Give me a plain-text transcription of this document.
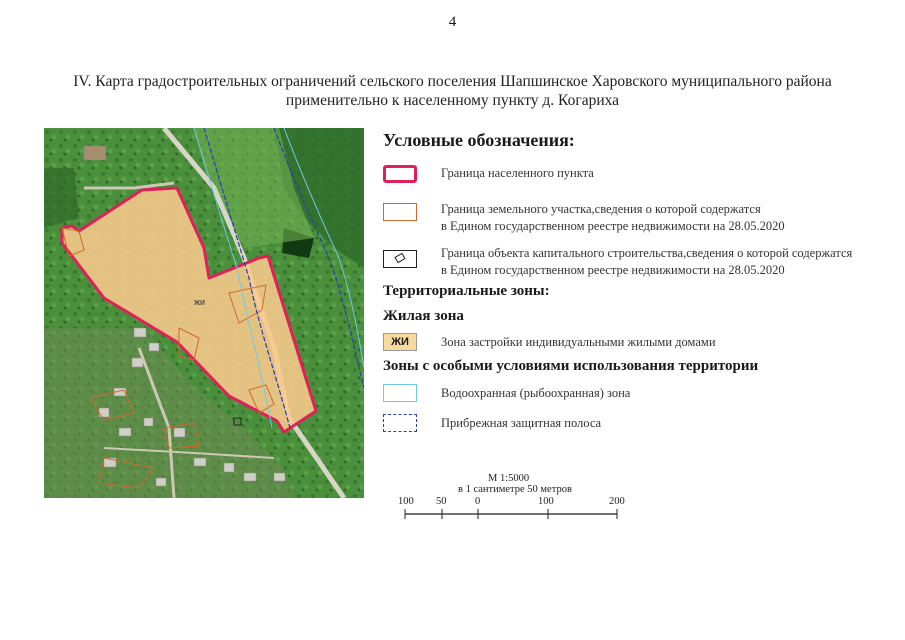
4
IV. Карта градостроительных ограничений сельского поселения Шапшинское Харовского муниципального района
применительно к населенному пункту д. Когариха
жи
Условные обозначения:
Граница населенного пункта
Граница земельного участка,сведения о которой содержатся
в Едином государственном реестре недвижимости на 28.05.2020
Граница объекта капитального строительства,сведения о которой содержатся
в Едином государственном реестре недвижимости на 28.05.2020
Территориальные зоны:
Жилая зона
ЖИ	Зона застройки индивидуальными жилыми домами
Зоны с особыми условиями использования территории
Водоохранная (рыбоохранная) зона
Прибрежная защитная полоса
М 1:5000
в 1 сантиметре 50 метров
100 50	0	100	200
